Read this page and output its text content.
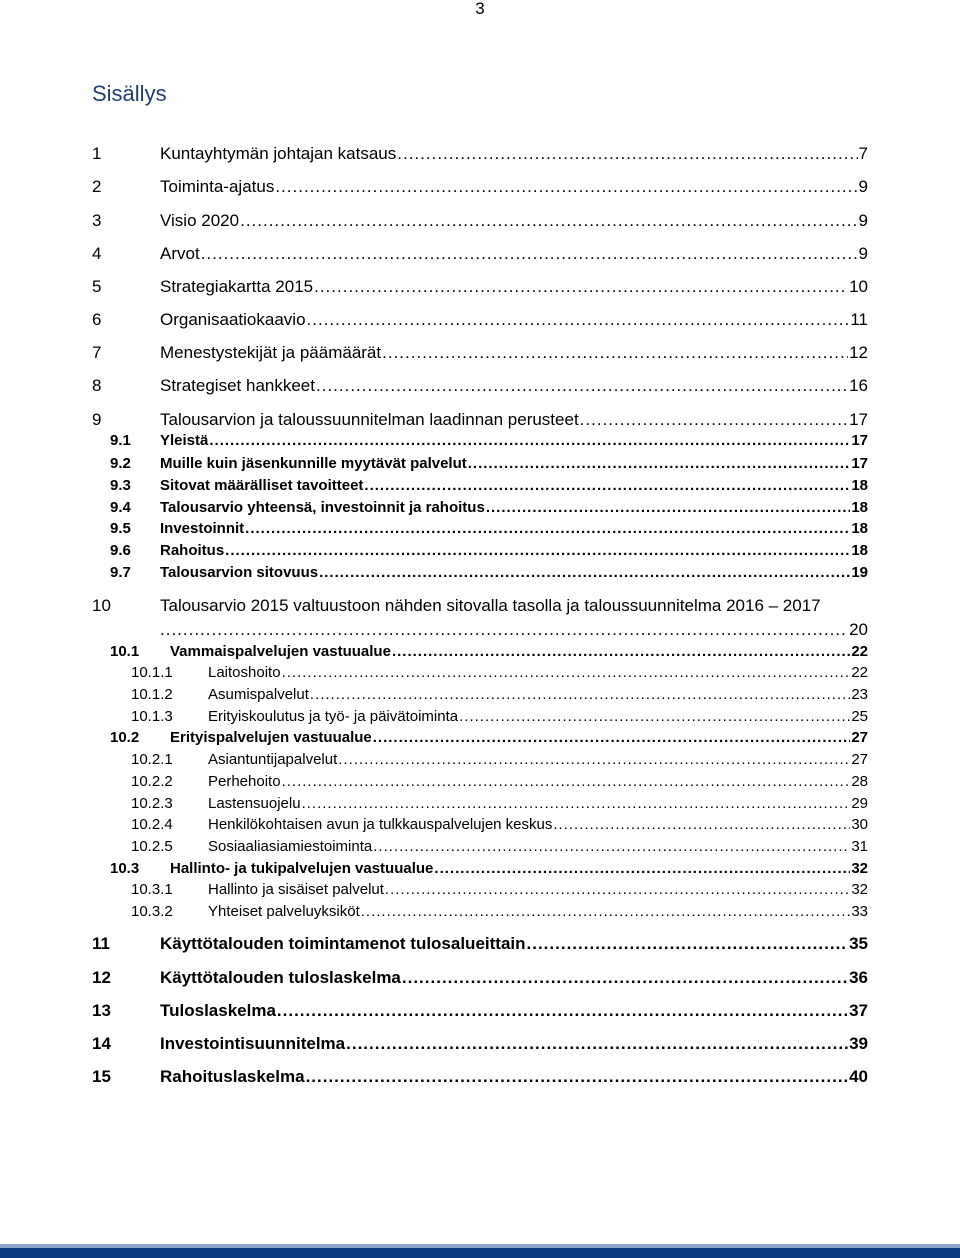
3
Sisällys
1	Kuntayhtymän johtajan katsaus .....	7
2	Toiminta-ajatus .....	9
3	Visio 2020 .....	9
4	Arvot .....	9
5	Strategiakartta 2015 .....	10
6	Organisaatiokaavio .....	11
7	Menestystekijät ja päämäärät .....	12
8	Strategiset hankkeet .....	16
9	Talousarvion ja taloussuunnitelman laadinnan perusteet .....	17
9.1	Yleistä .....	17
9.2	Muille kuin jäsenkunnille myytävät palvelut .....	17
9.3	Sitovat määrälliset tavoitteet .....	18
9.4	Talousarvio yhteensä, investoinnit ja rahoitus .....	18
9.5	Investoinnit .....	18
9.6	Rahoitus .....	18
9.7	Talousarvion sitovuus .....	19
10	Talousarvio 2015 valtuustoon nähden sitovalla tasolla ja taloussuunnitelma 2016 – 2017
.....
20
10.1	Vammaispalvelujen vastuualue .....	22
10.1.1	Laitoshoito .....	22
10.1.2	Asumispalvelut .....	23
10.1.3	Erityiskoulutus ja työ- ja päivätoiminta .....	25
10.2	Erityispalvelujen vastuualue .....	27
10.2.1	Asiantuntijapalvelut .....	27
10.2.2	Perhehoito .....	28
10.2.3	Lastensuojelu .....	29
10.2.4	Henkilökohtaisen avun ja tulkkauspalvelujen keskus .....	30
10.2.5	Sosiaaliasiamiestoiminta .....	31
10.3	Hallinto- ja tukipalvelujen vastuualue .....	32
10.3.1	Hallinto ja sisäiset palvelut .....	32
10.3.2	Yhteiset palveluyksiköt .....	33
11	Käyttötalouden toimintamenot tulosalueittain .....	35
12	Käyttötalouden tuloslaskelma .....	36
13	Tuloslaskelma .....	37
14	Investointisuunnitelma .....	39
15	Rahoituslaskelma .....	40
